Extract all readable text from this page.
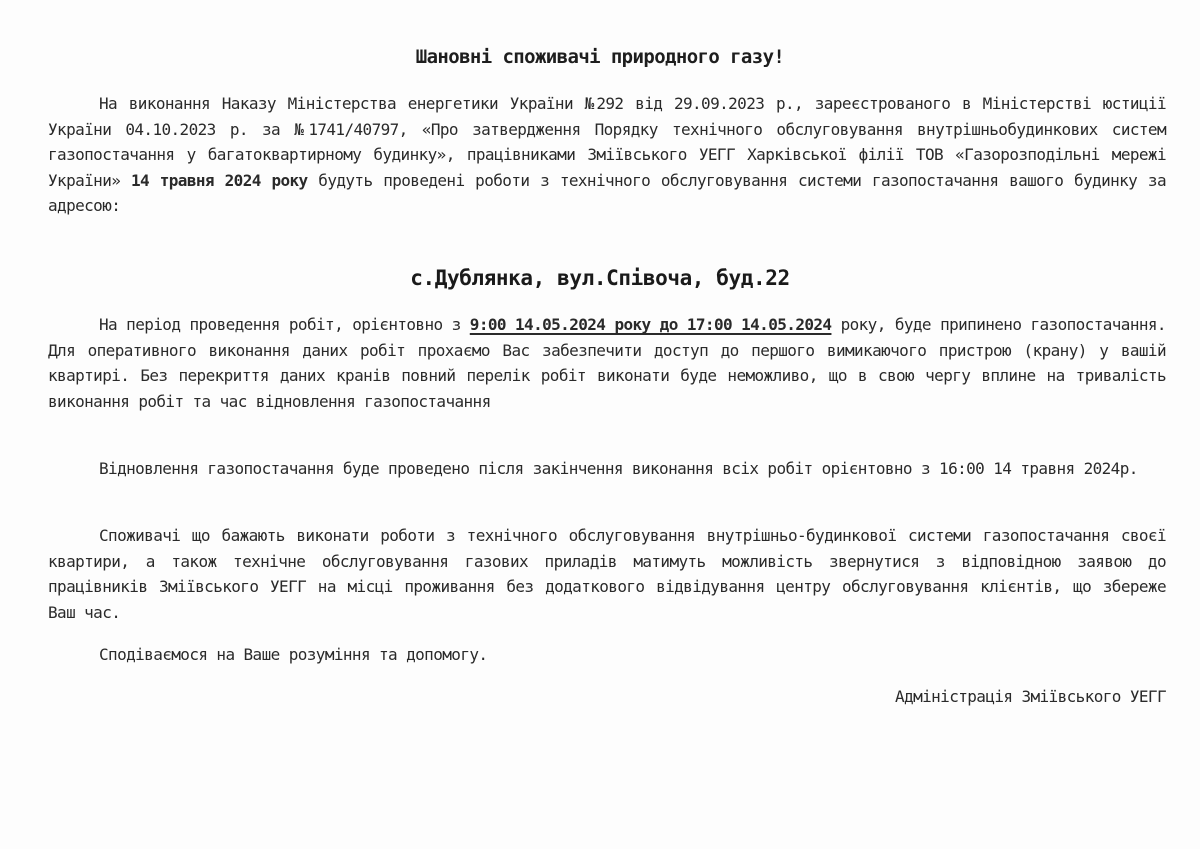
Шановні споживачі природного газу!

На виконання Наказу Міністерства енергетики України №292 від 29.09.2023 р., зареєстрованого в Міністерстві юстиції України 04.10.2023 р. за №1741/40797, «Про затвердження Порядку технічного обслуговування внутрішньобудинкових систем газопостачання у багатоквартирному будинку», працівниками Зміївського УЕГГ Харківської філії ТОВ «Газорозподільні мережі України» 14 травня 2024 року будуть проведені роботи з технічного обслуговування системи газопостачання вашого будинку за адресою:

с.Дублянка, вул.Співоча, буд.22

На період проведення робіт, орієнтовно з 9:00 14.05.2024 року до 17:00 14.05.2024 року, буде припинено газопостачання. Для оперативного виконання даних робіт прохаємо Вас забезпечити доступ до першого вимикаючого пристрою (крану) у вашій квартирі. Без перекриття даних кранів повний перелік робіт виконати буде неможливо, що в свою чергу вплине на тривалість виконання робіт та час відновлення газопостачання

Відновлення газопостачання буде проведено після закінчення виконання всіх робіт орієнтовно з 16:00 14 травня 2024р.

Споживачі що бажають виконати роботи з технічного обслуговування внутрішньо-будинкової системи газопостачання своєї квартири, а також технічне обслуговування газових приладів матимуть можливість звернутися з відповідною заявою до працівників Зміївського УЕГГ на місці проживання без додаткового відвідування центру обслуговування клієнтів, що збереже Ваш час.

Сподіваємося на Ваше розуміння та допомогу.

Адміністрація Зміївського УЕГГ
